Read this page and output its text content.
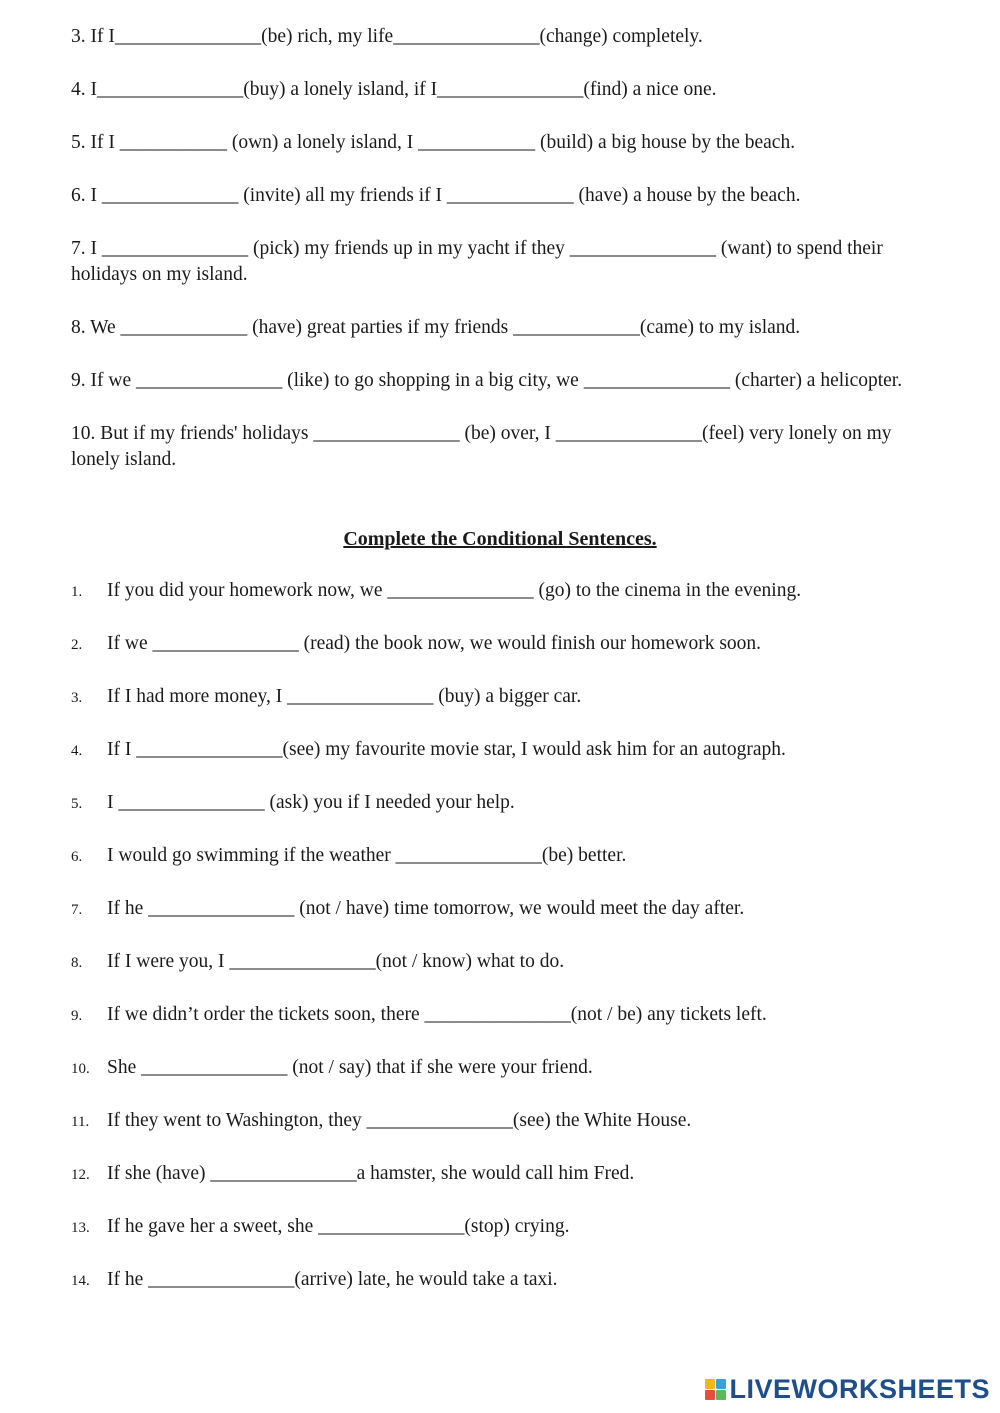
3. If I_______________(be) rich, my life_______________(change) completely.
4. I_______________(buy) a lonely island, if I_______________(find) a nice one.
5. If I ___________ (own) a lonely island, I ____________ (build) a big house by the beach.
6. I ______________ (invite) all my friends if I _____________ (have) a house by the beach.
7. I _______________ (pick) my friends up in my yacht if they _______________ (want) to spend their holidays on my island.
8. We _____________ (have) great parties if my friends _____________(came) to my island.
9. If we _______________ (like) to go shopping in a big city, we _______________ (charter) a helicopter.
10. But if my friends' holidays _______________ (be) over, I _______________(feel) very lonely on my lonely island.
Complete the Conditional Sentences.
1.	If you did your homework now, we _______________ (go) to the cinema in the evening.
2.	If we _______________ (read) the book now, we would finish our homework soon.
3.	If I had more money, I _______________ (buy) a bigger car.
4.	If I _______________(see) my favourite movie star, I would ask him for an autograph.
5.	I _______________ (ask) you if I needed your help.
6.	I would go swimming if the weather _______________(be) better.
7.	If he _______________ (not / have) time tomorrow, we would meet the day after.
8.	If I were you, I _______________(not / know) what to do.
9.	If we didn’t order the tickets soon, there _______________(not / be) any tickets left.
10. She _______________ (not / say) that if she were your friend.
11. If they went to Washington, they _______________(see) the White House.
12. If she (have) _______________a hamster, she would call him Fred.
13. If he gave her a sweet, she _______________(stop) crying.
14. If he _______________(arrive) late, he would take a taxi.
LIVEWORKSHEETS
